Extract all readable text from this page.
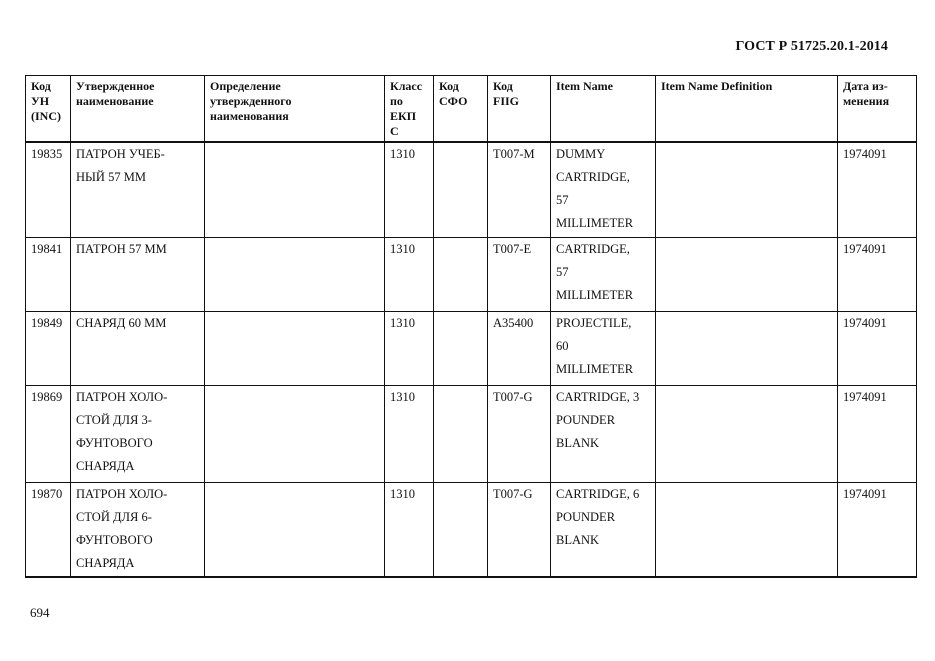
ГОСТ Р 51725.20.1-2014
Код
УН
(INC)	Утвержденное
наименование	Определение
утвержденного
наименования	Класс
по
ЕКП
С	Код
СФО	Код
FIIG	Item Name	Item Name Definition	Дата из-
менения
19835	ПАТРОН УЧЕБ-
НЫЙ 57 ММ		1310		T007-M	DUMMY
CARTRIDGE,
57
MILLIMETER		1974091
19841	ПАТРОН 57 ММ		1310		T007-E	CARTRIDGE,
57
MILLIMETER		1974091
19849	СНАРЯД 60 ММ		1310		A35400	PROJECTILE,
60
MILLIMETER		1974091
19869	ПАТРОН ХОЛО-
СТОЙ ДЛЯ 3-
ФУНТОВОГО
СНАРЯДА		1310		T007-G	CARTRIDGE, 3
POUNDER
BLANK		1974091
19870	ПАТРОН ХОЛО-
СТОЙ ДЛЯ 6-
ФУНТОВОГО
СНАРЯДА		1310		T007-G	CARTRIDGE, 6
POUNDER
BLANK		1974091
694
